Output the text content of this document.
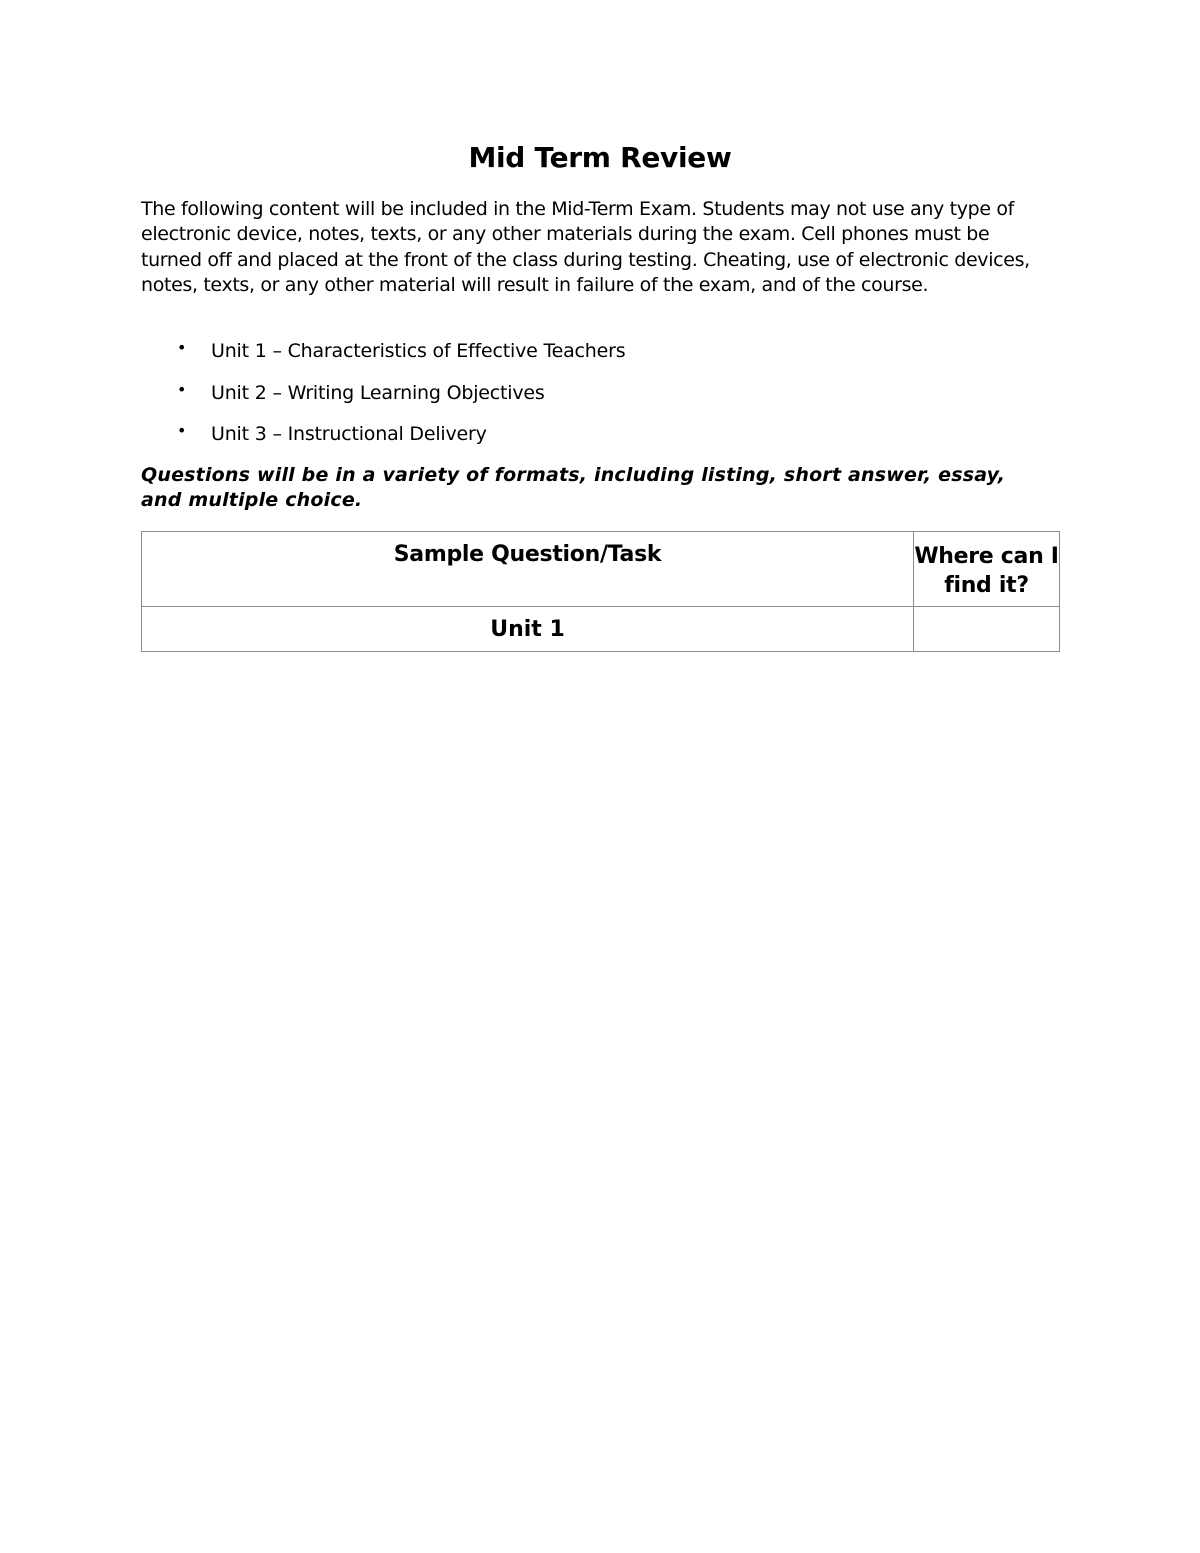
Mid Term Review

The following content will be included in the Mid-Term Exam. Students may not use any type of electronic device, notes, texts, or any other materials during the exam. Cell phones must be turned off and placed at the front of the class during testing. Cheating, use of electronic devices, notes, texts, or any other material will result in failure of the exam, and of the course.

• Unit 1 – Characteristics of Effective Teachers
• Unit 2 – Writing Learning Objectives
• Unit 3 – Instructional Delivery

Questions will be in a variety of formats, including listing, short answer, essay, and multiple choice.

Sample Question/Task	Where can I find it?
Unit 1	
